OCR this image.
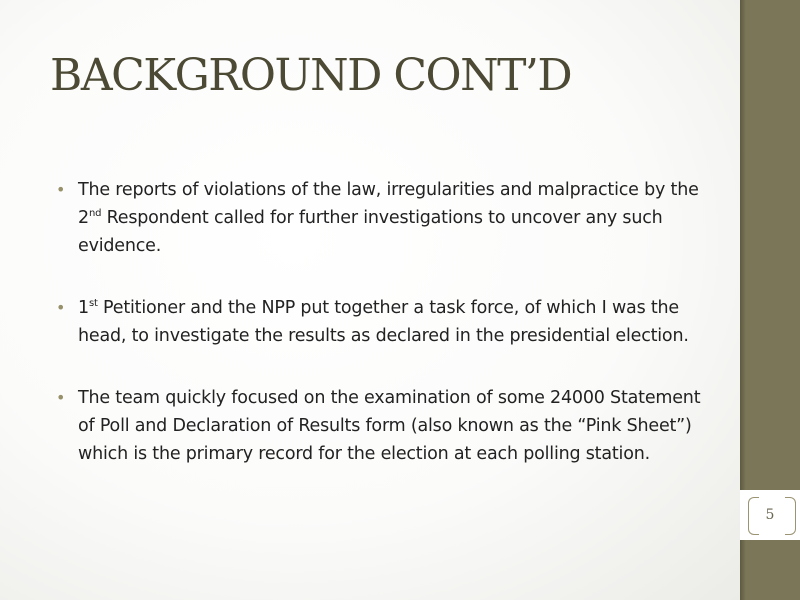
BACKGROUND CONT’D
• The reports of violations of the law, irregularities and malpractice by the 2nd Respondent called for further investigations to uncover any such evidence.
• 1st Petitioner and the NPP put together a task force, of which I was the head, to investigate the results as declared in the presidential election.
• The team quickly focused on the examination of some 24000 Statement of Poll and Declaration of Results form (also known as the “Pink Sheet”) which is the primary record for the election at each polling station.
5
